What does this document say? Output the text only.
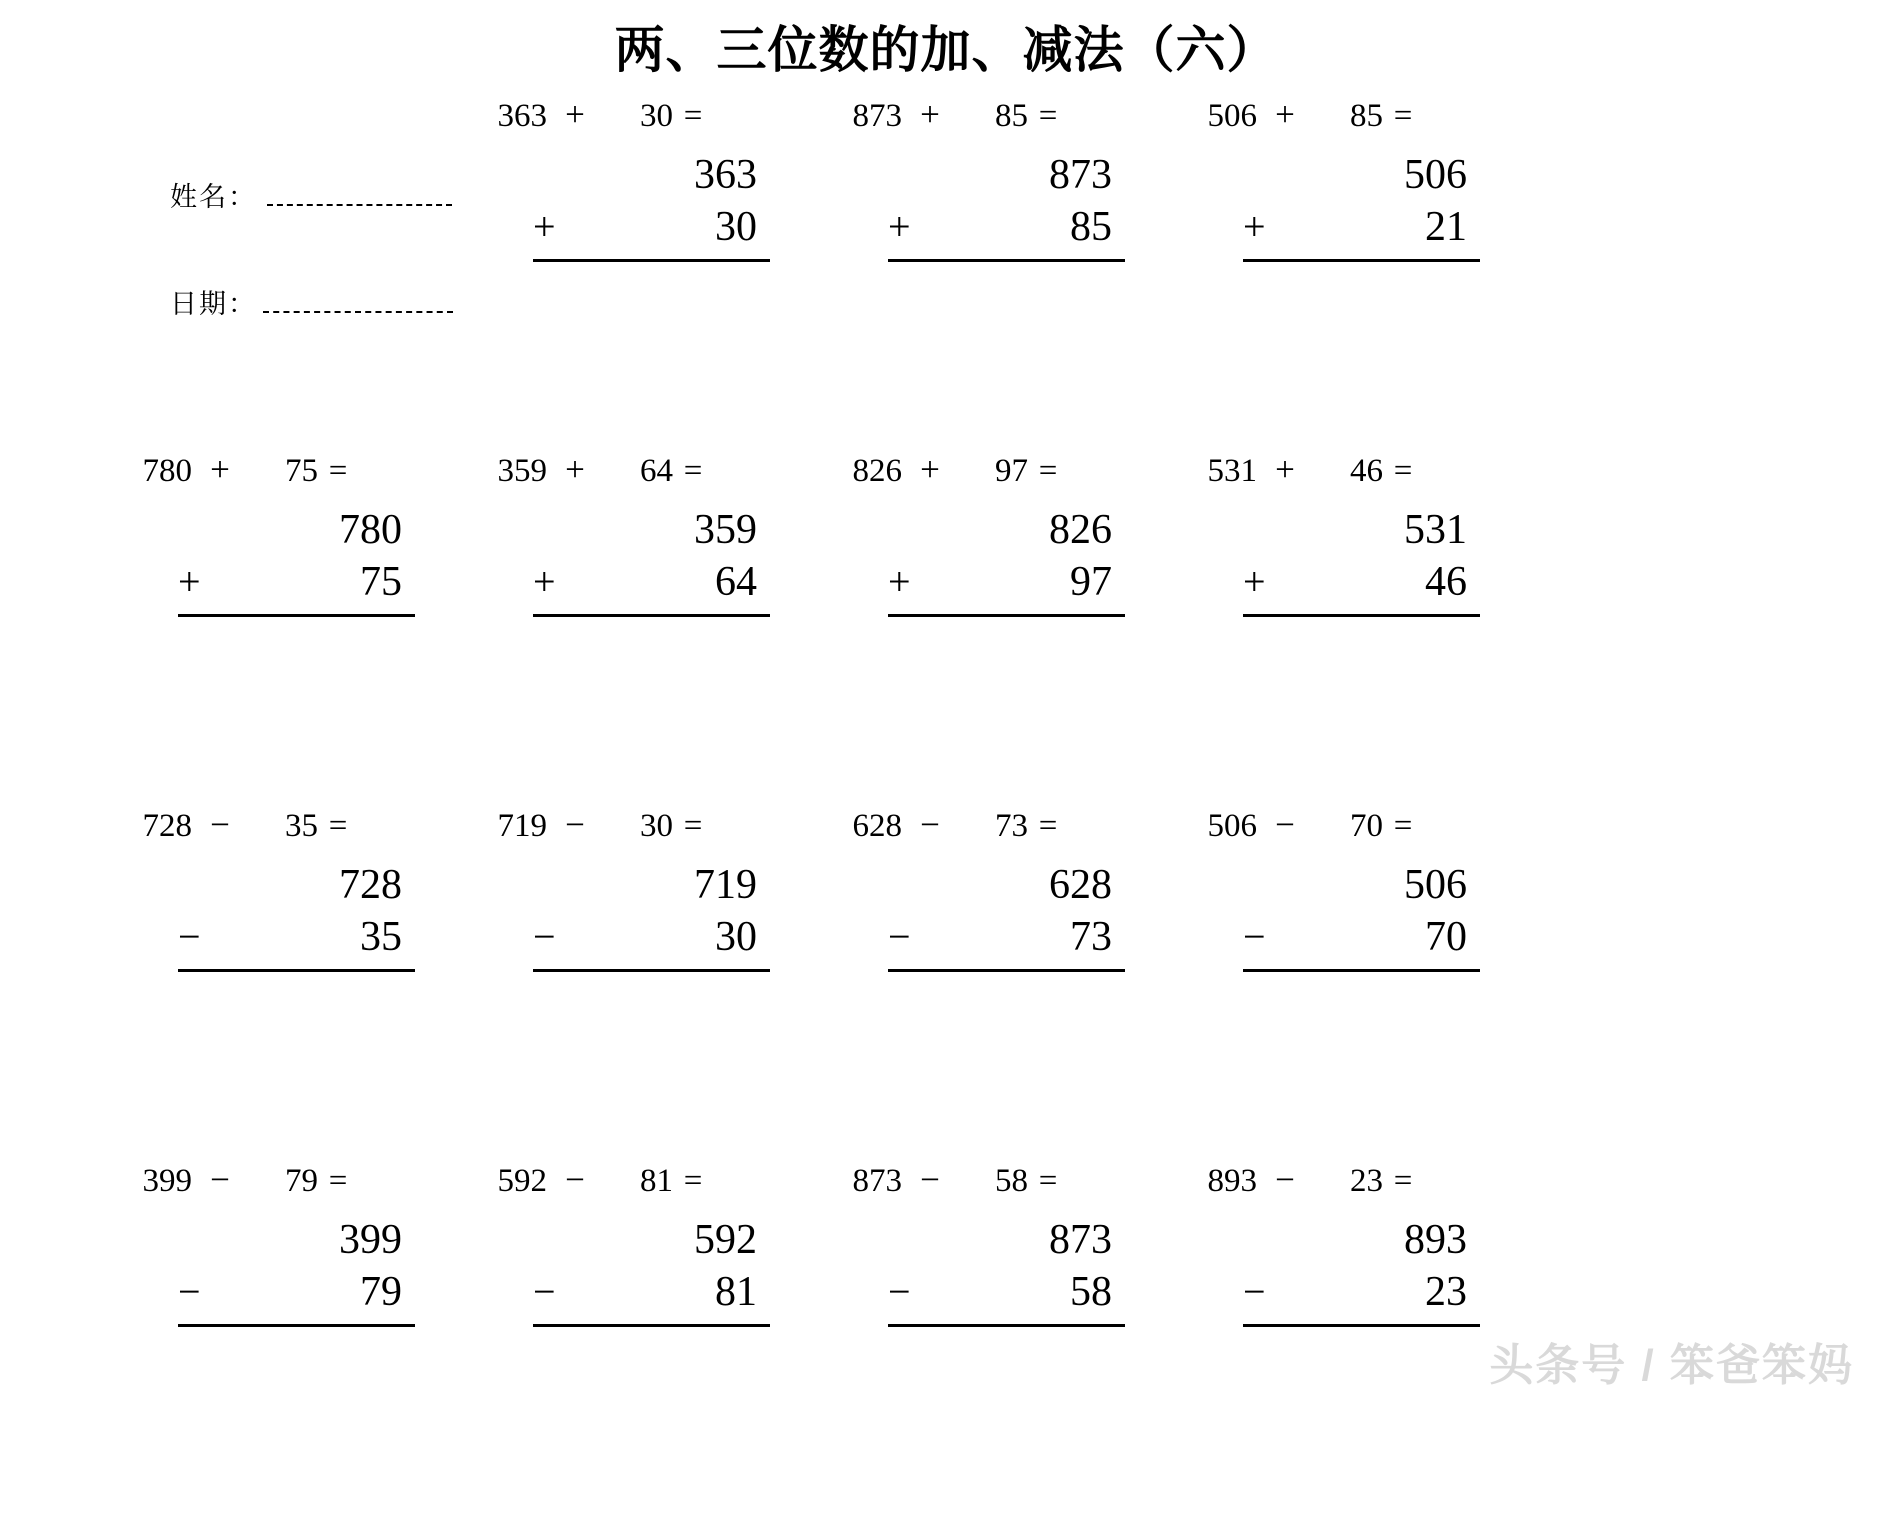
两、三位数的加、减法（六）
姓名：
日期：
363 +	30 =
363
+	30
873 +	85 =
873
+	85
506 +	85 =
506
+	21
780 +	75 =
780
+	75
359 +	64 =
359
+	64
826 +	97 =
826
+	97
531 +	46 =
531
+	46
728 −	35 =
728
−	35
719 −	30 =
719
−	30
628 −	73 =
628
−	73
506 −	70 =
506
−	70
399 −	79 =
399
−	79
592 −	81 =
592
−	81
873 −	58 =
873
−	58
893 −	23 =
893
−	23
头条号 / 笨爸笨妈
